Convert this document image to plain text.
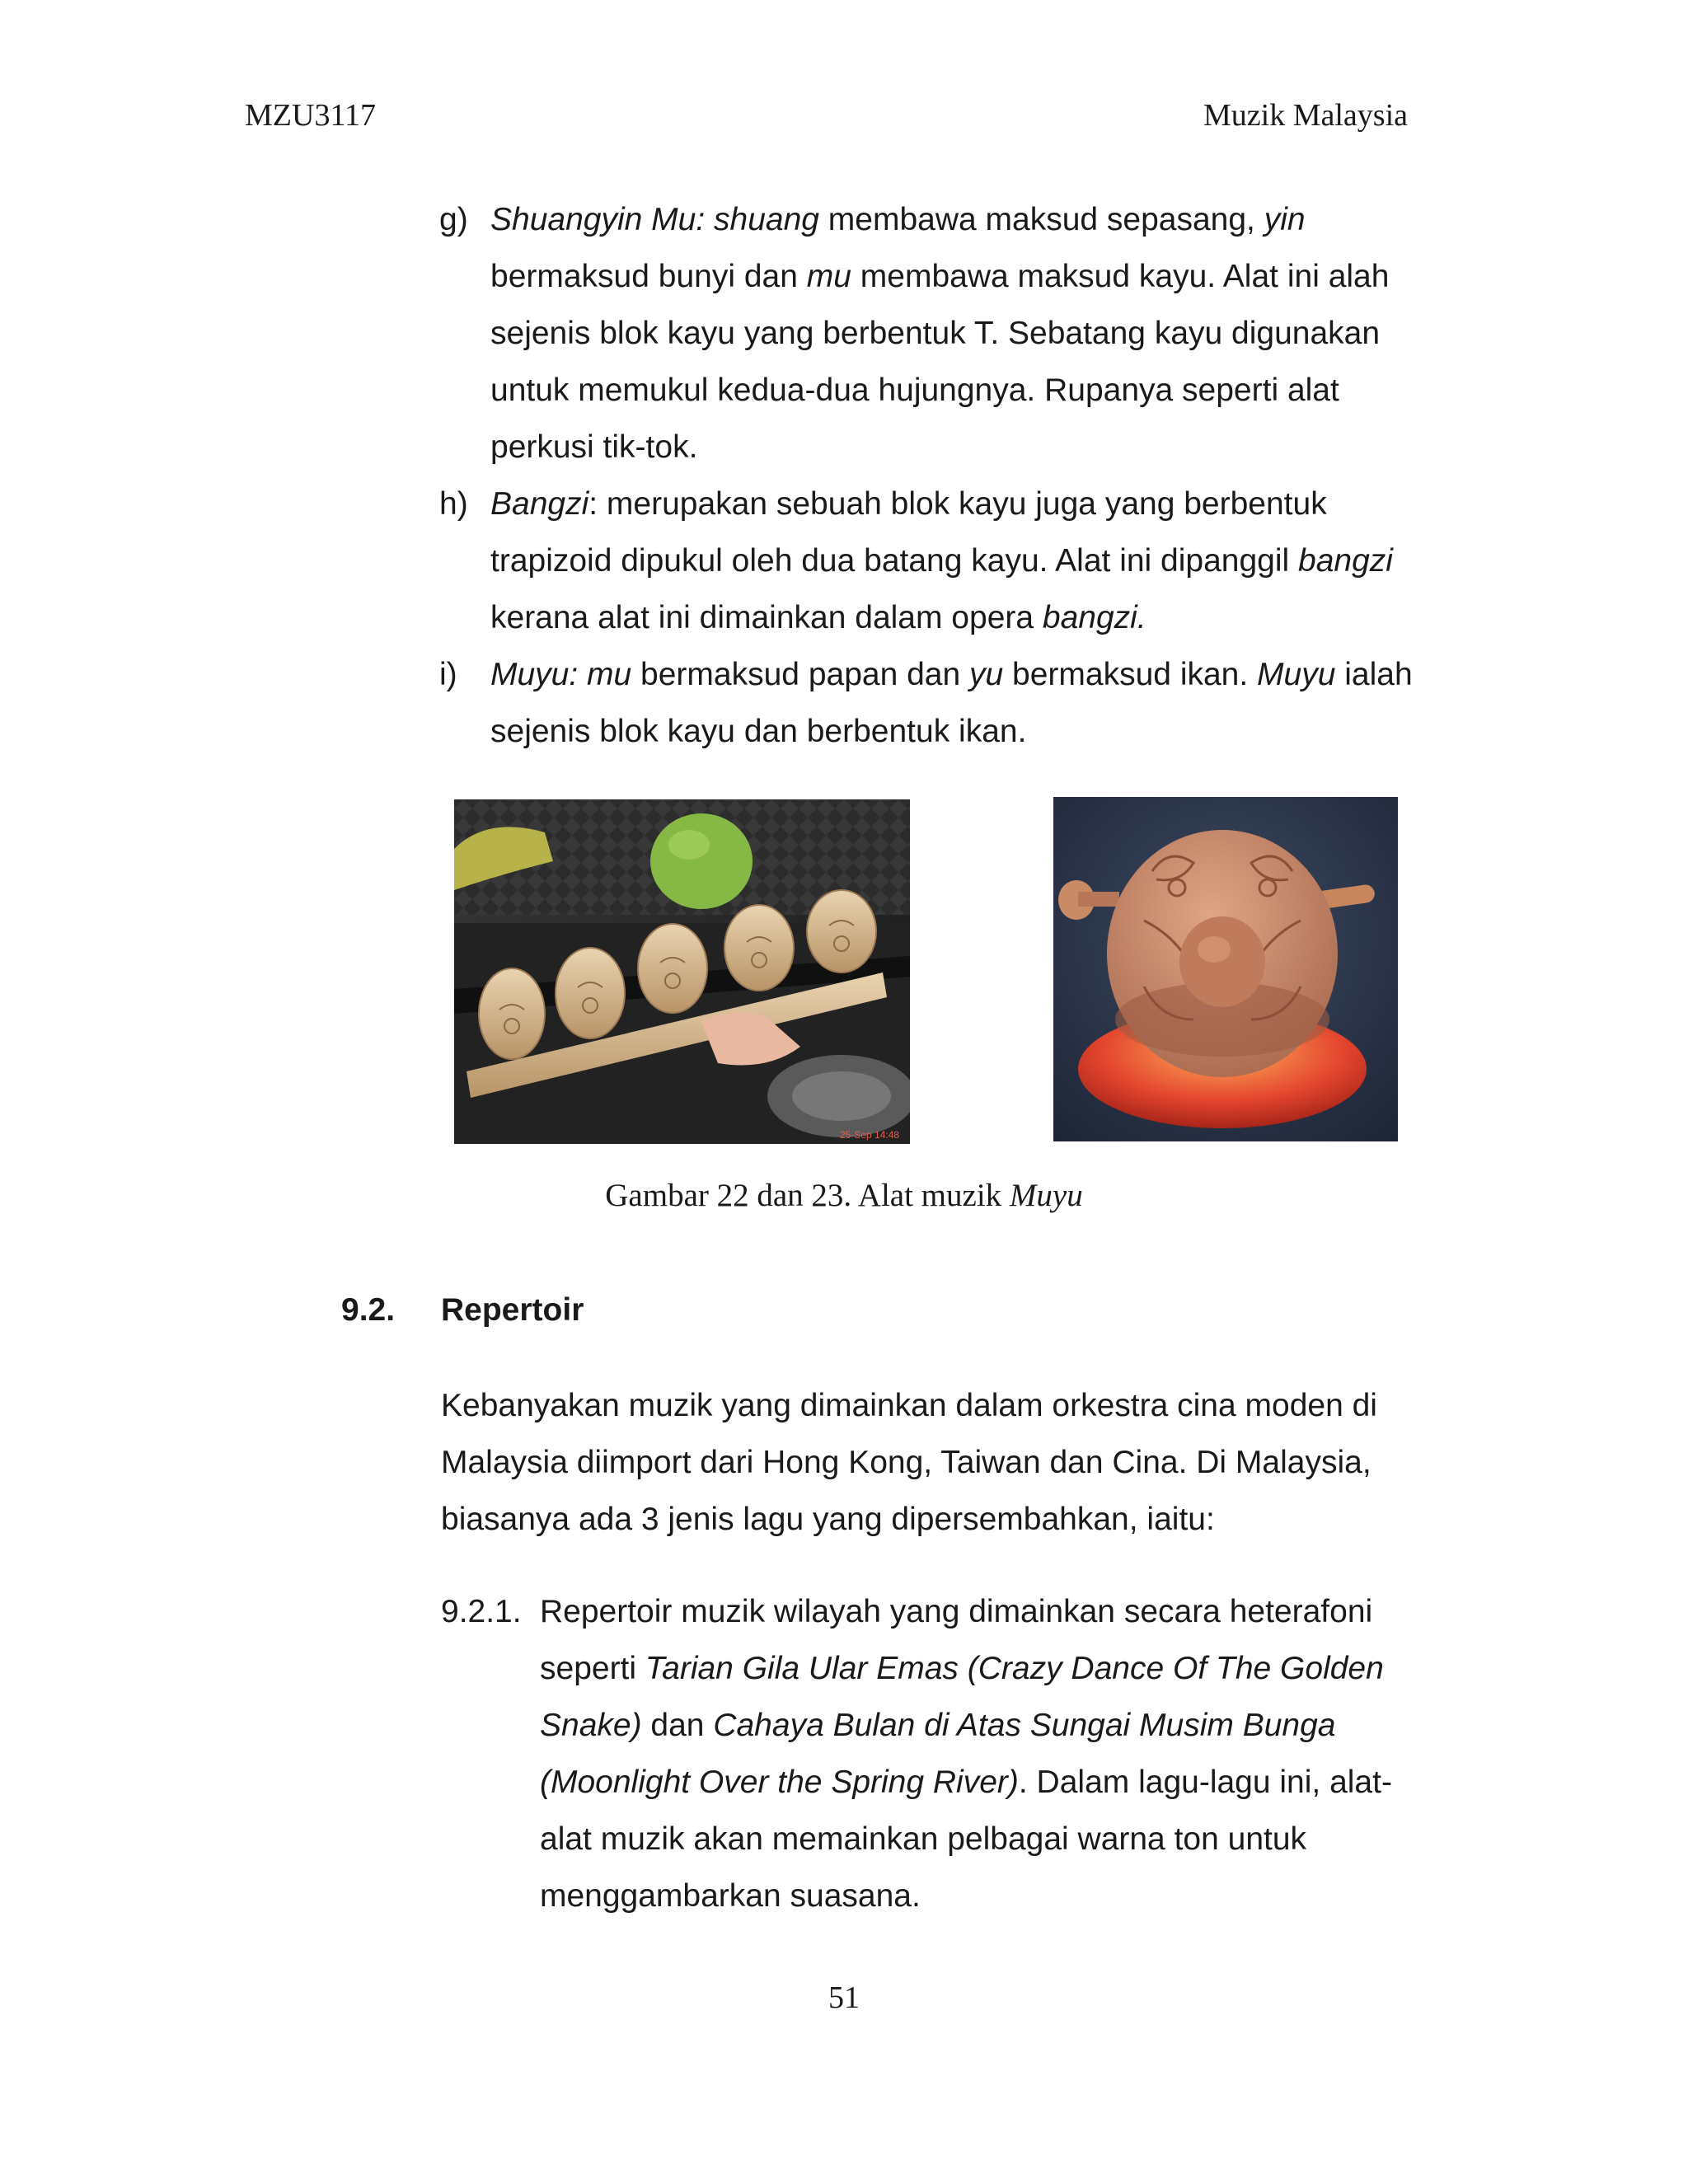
MZU3117	Muzik Malaysia
g) Shuangyin Mu: shuang membawa maksud sepasang, yin bermaksud bunyi dan mu membawa maksud kayu. Alat ini alah sejenis blok kayu yang berbentuk T. Sebatang kayu digunakan untuk memukul kedua-dua hujungnya. Rupanya seperti alat perkusi tik-tok.
h) Bangzi: merupakan sebuah blok kayu juga yang berbentuk trapizoid dipukul oleh dua batang kayu. Alat ini dipanggil bangzi kerana alat ini dimainkan dalam opera bangzi.
i) Muyu: mu bermaksud papan dan yu bermaksud ikan. Muyu ialah sejenis blok kayu dan berbentuk ikan.
25-Sep 14:48
Gambar 22 dan 23. Alat muzik Muyu
9.2. Repertoir
Kebanyakan muzik yang dimainkan dalam orkestra cina moden di Malaysia diimport dari Hong Kong, Taiwan dan Cina. Di Malaysia, biasanya ada 3 jenis lagu yang dipersembahkan, iaitu:
9.2.1. Repertoir muzik wilayah yang dimainkan secara heterafoni seperti Tarian Gila Ular Emas (Crazy Dance Of The Golden Snake) dan Cahaya Bulan di Atas Sungai Musim Bunga (Moonlight Over the Spring River). Dalam lagu-lagu ini, alat-alat muzik akan memainkan pelbagai warna ton untuk menggambarkan suasana.
51
